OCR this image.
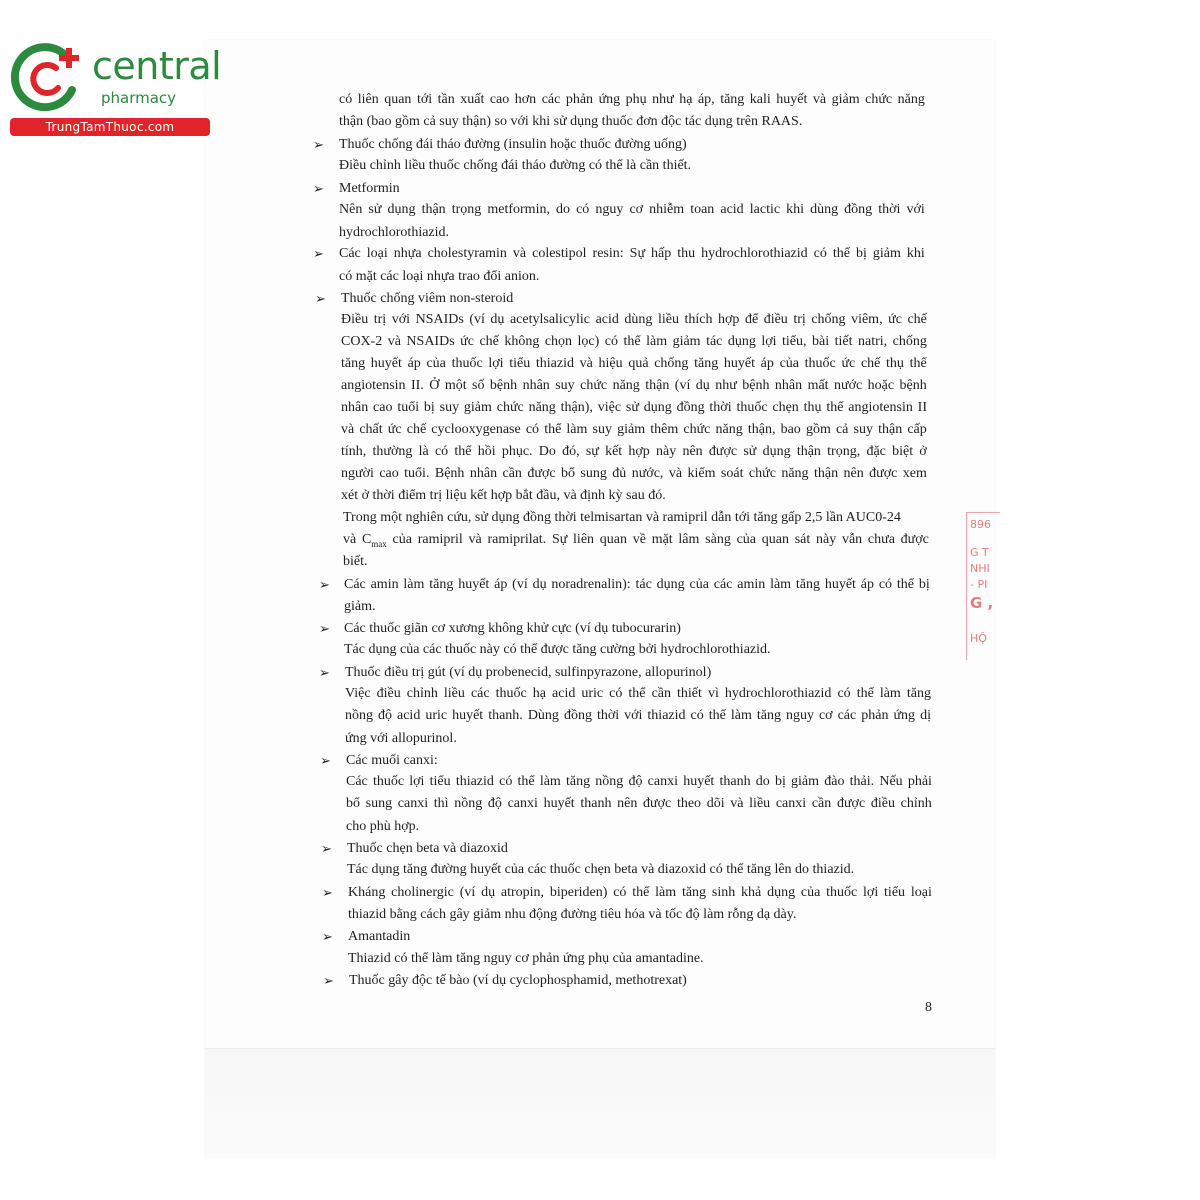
central
pharmacy
TrungTamThuoc.com
có liên quan tới tần xuất cao hơn các phản ứng phụ như hạ áp, tăng kali huyết và giảm chức năng
thận (bao gồm cả suy thận) so với khi sử dụng thuốc đơn độc tác dụng trên RAAS.
➢ Thuốc chống đái tháo đường (insulin hoặc thuốc đường uống)
Điều chỉnh liều thuốc chống đái tháo đường có thể là cần thiết.
➢ Metformin
Nên sử dụng thận trọng metformin, do có nguy cơ nhiễm toan acid lactic khi dùng đồng thời với
hydrochlorothiazid.
➢ Các loại nhựa cholestyramin và colestipol resin: Sự hấp thu hydrochlorothiazid có thể bị giảm khi
có mặt các loại nhựa trao đổi anion.
➢ Thuốc chống viêm non-steroid
Điều trị với NSAIDs (ví dụ acetylsalicylic acid dùng liều thích hợp để điều trị chống viêm, ức chế
COX-2 và NSAIDs ức chế không chọn lọc) có thể làm giảm tác dụng lợi tiểu, bài tiết natri, chống
tăng huyết áp của thuốc lợi tiểu thiazid và hiệu quả chống tăng huyết áp của thuốc ức chế thụ thể
angiotensin II. Ở một số bệnh nhân suy chức năng thận (ví dụ như bệnh nhân mất nước hoặc bệnh
nhân cao tuổi bị suy giảm chức năng thận), việc sử dụng đồng thời thuốc chẹn thụ thể angiotensin II
và chất ức chế cyclooxygenase có thể làm suy giảm thêm chức năng thận, bao gồm cả suy thận cấp
tính, thường là có thể hồi phục. Do đó, sự kết hợp này nên được sử dụng thận trọng, đặc biệt ở
người cao tuổi. Bệnh nhân cần được bổ sung đủ nước, và kiểm soát chức năng thận nên được xem
xét ở thời điểm trị liệu kết hợp bắt đầu, và định kỳ sau đó.
Trong một nghiên cứu, sử dụng đồng thời telmisartan và ramipril dẫn tới tăng gấp 2,5 lần AUC0-24
và $C_{max}$ của ramipril và ramiprilat. Sự liên quan về mặt lâm sàng của quan sát này vẫn chưa được
biết.
➢ Các amin làm tăng huyết áp (ví dụ noradrenalin): tác dụng của các amin làm tăng huyết áp có thể bị
giảm.
➢ Các thuốc giãn cơ xương không khử cực (ví dụ tubocurarin)
Tác dụng của các thuốc này có thể được tăng cường bởi hydrochlorothiazid.
➢ Thuốc điều trị gút (ví dụ probenecid, sulfinpyrazone, allopurinol)
Việc điều chỉnh liều các thuốc hạ acid uric có thể cần thiết vì hydrochlorothiazid có thể làm tăng
nồng độ acid uric huyết thanh. Dùng đồng thời với thiazid có thể làm tăng nguy cơ các phản ứng dị
ứng với allopurinol.
➢ Các muối canxi:
Các thuốc lợi tiểu thiazid có thể làm tăng nồng độ canxi huyết thanh do bị giảm đào thải. Nếu phải
bổ sung canxi thì nồng độ canxi huyết thanh nên được theo dõi và liều canxi cần được điều chỉnh
cho phù hợp.
➢ Thuốc chẹn beta và diazoxid
Tác dụng tăng đường huyết của các thuốc chẹn beta và diazoxid có thể tăng lên do thiazid.
➢ Kháng cholinergic (ví dụ atropin, biperiden) có thể làm tăng sinh khả dụng của thuốc lợi tiểu loại
thiazid bằng cách gây giảm nhu động đường tiêu hóa và tốc độ làm rỗng dạ dày.
➢ Amantadin
Thiazid có thể làm tăng nguy cơ phản ứng phụ của amantadine.
➢ Thuốc gây độc tế bào (ví dụ cyclophosphamid, methotrexat)
8
896
G T
NHI
- PI
G ,
HỘ
